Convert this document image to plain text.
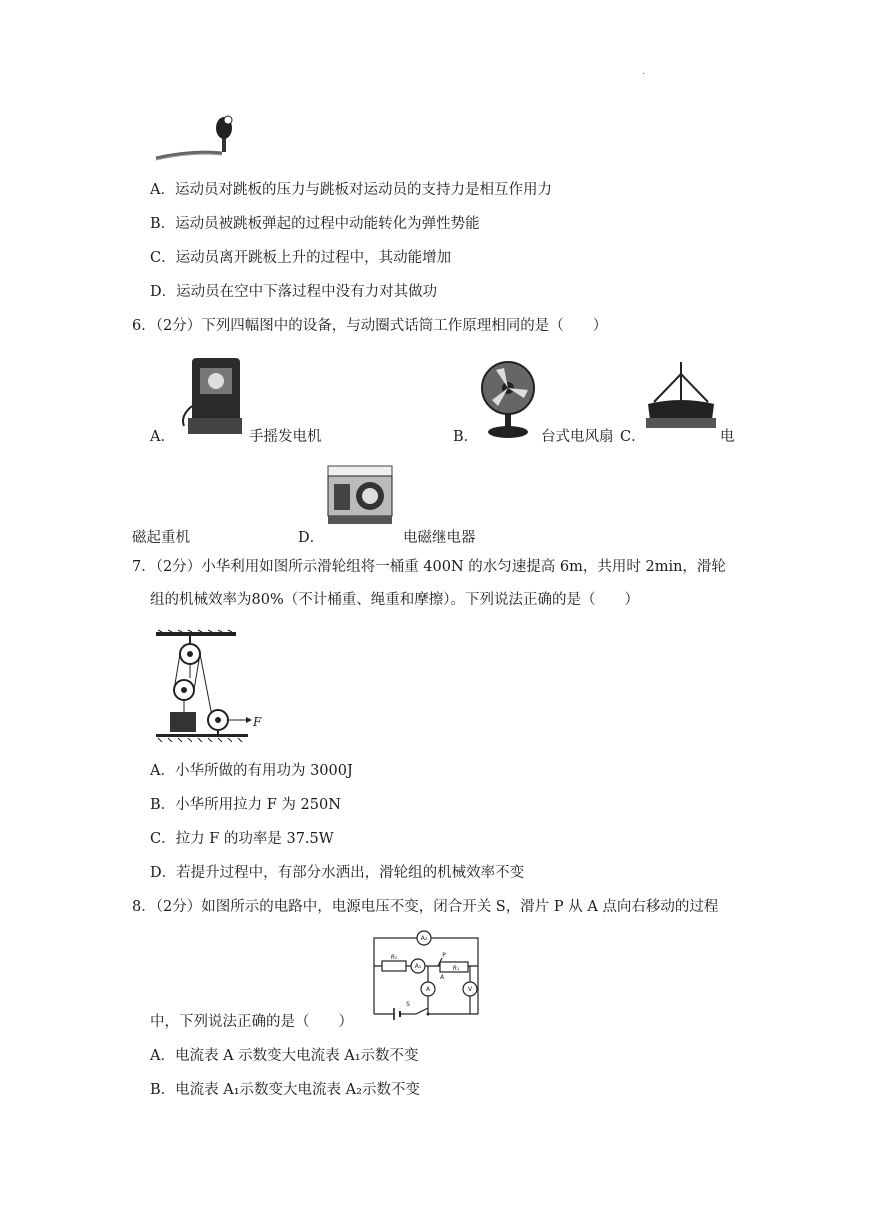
.
A．运动员对跳板的压力与跳板对运动员的支持力是相互作用力
B．运动员被跳板弹起的过程中动能转化为弹性势能
C．运动员离开跳板上升的过程中，其动能增加
D．运动员在空中下落过程中没有力对其做功
6．（2分）下列四幅图中的设备，与动圈式话筒工作原理相同的是（　　）
A．	手摇发电机	B．	台式电风扇 C．	电
磁起重机	D．	电磁继电器
7．（2分）小华利用如图所示滑轮组将一桶重 400N 的水匀速提高 6m，共用时 2min，滑轮
组的机械效率为80%（不计桶重、绳重和摩擦）。下列说法正确的是（　　）
F
A．小华所做的有用功为 3000J
B．小华所用拉力 F 为 250N
C．拉力 F 的功率是 37.5W
D．若提升过程中，有部分水洒出，滑轮组的机械效率不变
8．（2分）如图所示的电路中，电源电压不变，闭合开关 S，滑片 P 从 A 点向右移动的过程
A₂
A₁
A	V
R₀
R₁
P
A
S
中，下列说法正确的是（　　）
A．电流表 A 示数变大电流表 A₁示数不变
B．电流表 A₁示数变大电流表 A₂示数不变
